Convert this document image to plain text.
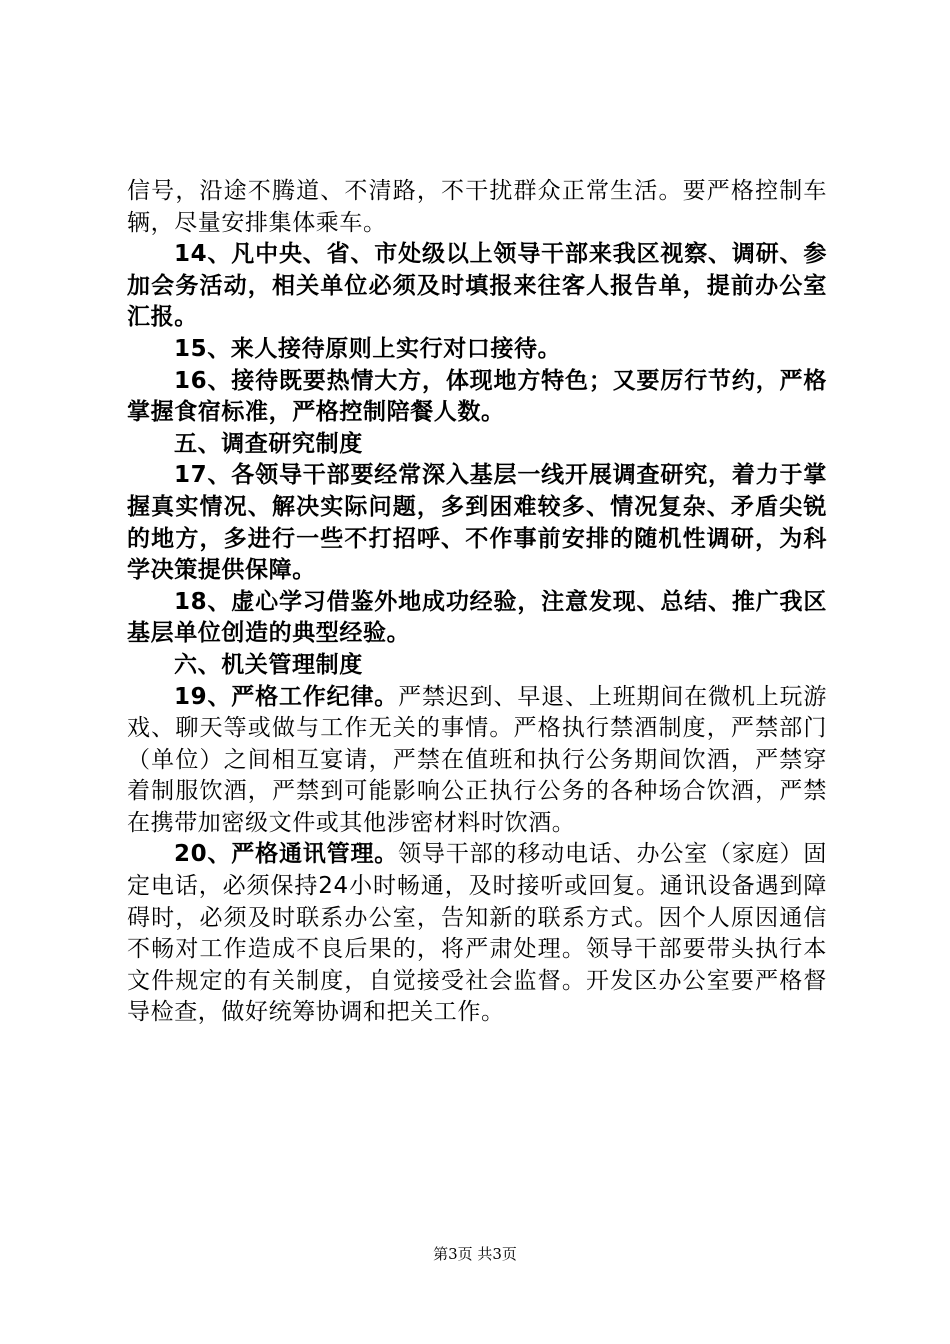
信号，沿途不腾道、不清路，不干扰群众正常生活。要严格控制车辆，尽量安排集体乘车。

14、凡中央、省、市处级以上领导干部来我区视察、调研、参加会务活动，相关单位必须及时填报来往客人报告单，提前办公室汇报。

15、来人接待原则上实行对口接待。

16、接待既要热情大方，体现地方特色；又要厉行节约，严格掌握食宿标准，严格控制陪餐人数。

五、调查研究制度

17、各领导干部要经常深入基层一线开展调查研究，着力于掌握真实情况、解决实际问题，多到困难较多、情况复杂、矛盾尖锐的地方，多进行一些不打招呼、不作事前安排的随机性调研，为科学决策提供保障。

18、虚心学习借鉴外地成功经验，注意发现、总结、推广我区基层单位创造的典型经验。

六、机关管理制度

19、严格工作纪律。严禁迟到、早退、上班期间在微机上玩游戏、聊天等或做与工作无关的事情。严格执行禁酒制度，严禁部门（单位）之间相互宴请，严禁在值班和执行公务期间饮酒，严禁穿着制服饮酒，严禁到可能影响公正执行公务的各种场合饮酒，严禁在携带加密级文件或其他涉密材料时饮酒。

20、严格通讯管理。领导干部的移动电话、办公室（家庭）固定电话，必须保持24小时畅通，及时接听或回复。通讯设备遇到障碍时，必须及时联系办公室，告知新的联系方式。因个人原因通信不畅对工作造成不良后果的，将严肃处理。领导干部要带头执行本文件规定的有关制度，自觉接受社会监督。开发区办公室要严格督导检查，做好统筹协调和把关工作。

第3页 共3页
